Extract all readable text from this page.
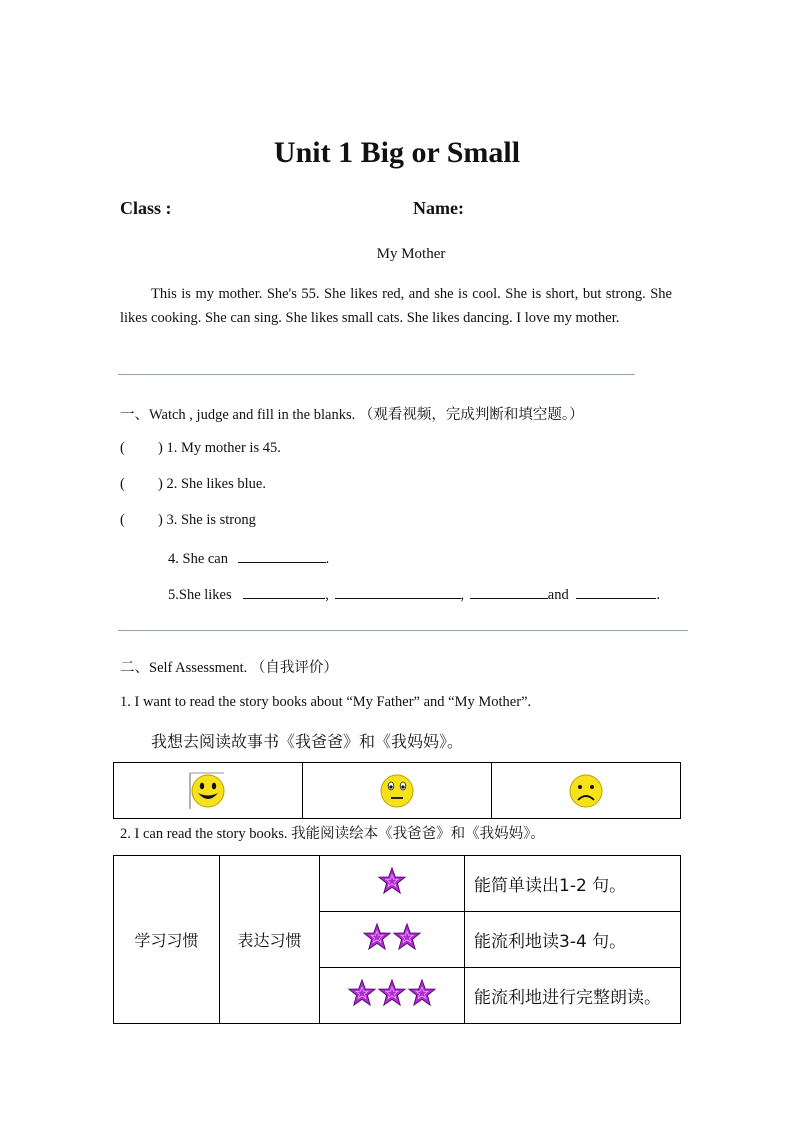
Unit 1 Big or Small
Class :	Name:
My Mother
This is my mother. She's 55. She likes red, and she is cool. She is short, but strong. She likes cooking. She can sing. She likes small cats. She likes dancing. I love my mother.
一、Watch , judge and fill in the blanks. （观看视频，完成判断和填空题。）
( ) 1. My mother is 45.
( ) 2. She likes blue.
( ) 3. She is strong
4. She can	.
5.She likes	,	,	and	.
二、Self Assessment. （自我评价）
1. I want to read the story books about “My Father” and “My Mother”.
我想去阅读故事书《我爸爸》和《我妈妈》。

2. I can read the story books. 我能阅读绘本《我爸爸》和《我妈妈》。
学习习惯	表达习惯		能简单读出1-2 句。
	能流利地读3-4 句。
	能流利地进行完整朗读。
